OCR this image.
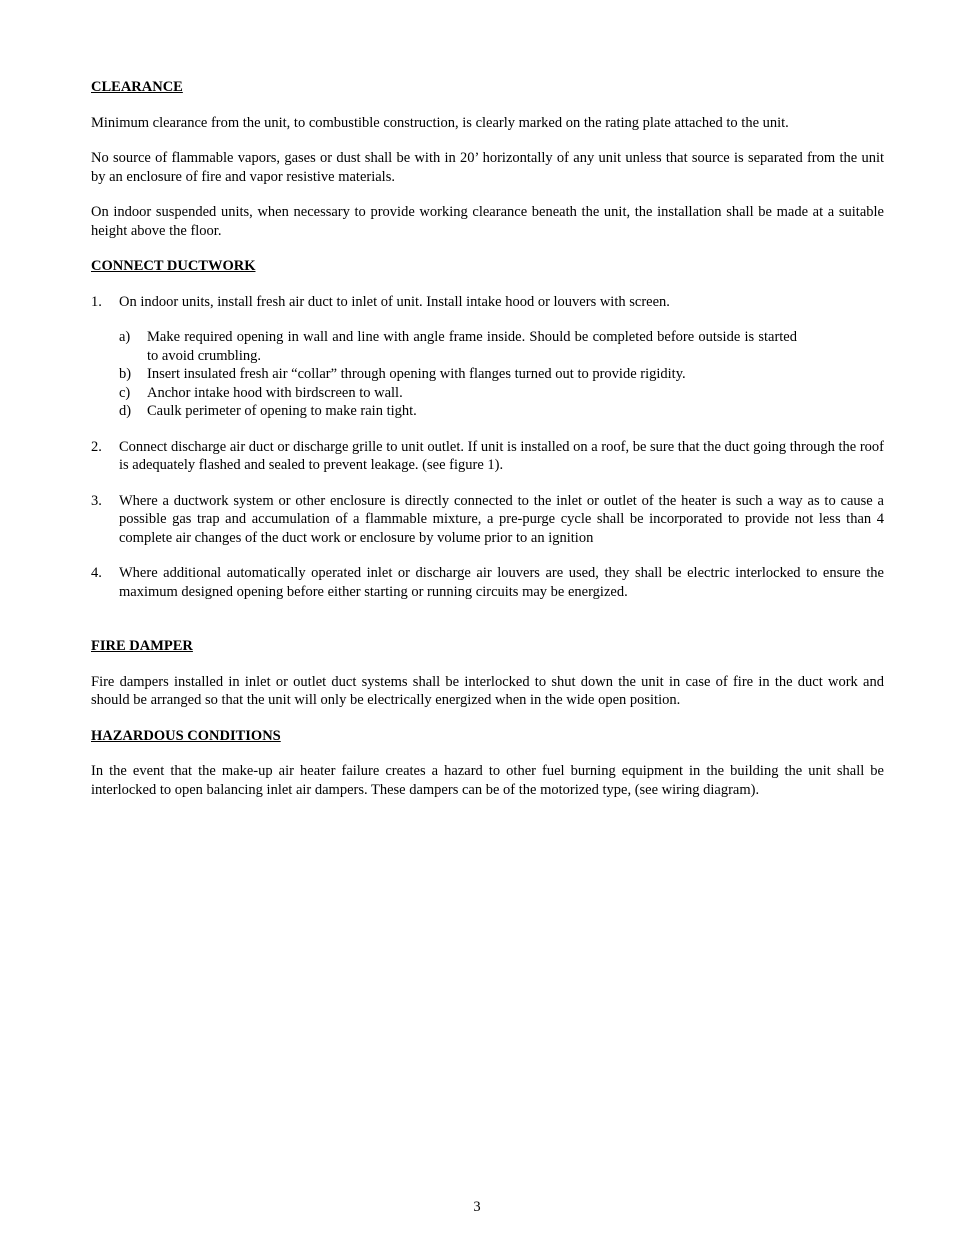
CLEARANCE

Minimum clearance from the unit, to combustible construction, is clearly marked on the rating plate attached to the unit.

No source of flammable vapors, gases or dust shall be with in 20’ horizontally of any unit unless that source is separated from the unit by an enclosure of fire and vapor resistive materials.

On indoor suspended units, when necessary to provide working clearance beneath the unit, the installation shall be made at a suitable height above the floor.

CONNECT DUCTWORK
1. On indoor units, install fresh air duct to inlet of unit. Install intake hood or louvers with screen.
a) Make required opening in wall and line with angle frame inside. Should be completed before outside is started to avoid crumbling.
b) Insert insulated fresh air “collar” through opening with flanges turned out to provide rigidity.
c) Anchor intake hood with birdscreen to wall.
d) Caulk perimeter of opening to make rain tight.
2. Connect discharge air duct or discharge grille to unit outlet. If unit is installed on a roof, be sure that the duct going through the roof is adequately flashed and sealed to prevent leakage. (see figure 1).
3. Where a ductwork system or other enclosure is directly connected to the inlet or outlet of the heater is such a way as to cause a possible gas trap and accumulation of a flammable mixture, a pre-purge cycle shall be incorporated to provide not less than 4 complete air changes of the duct work or enclosure by volume prior to an ignition
4. Where additional automatically operated inlet or discharge air louvers are used, they shall be electric interlocked to ensure the maximum designed opening before either starting or running circuits may be energized.
FIRE DAMPER

Fire dampers installed in inlet or outlet duct systems shall be interlocked to shut down the unit in case of fire in the duct work and should be arranged so that the unit will only be electrically energized when in the wide open position.

HAZARDOUS CONDITIONS

In the event that the make-up air heater failure creates a hazard to other fuel burning equipment in the building the unit shall be interlocked to open balancing inlet air dampers. These dampers can be of the motorized type, (see wiring diagram).

3
